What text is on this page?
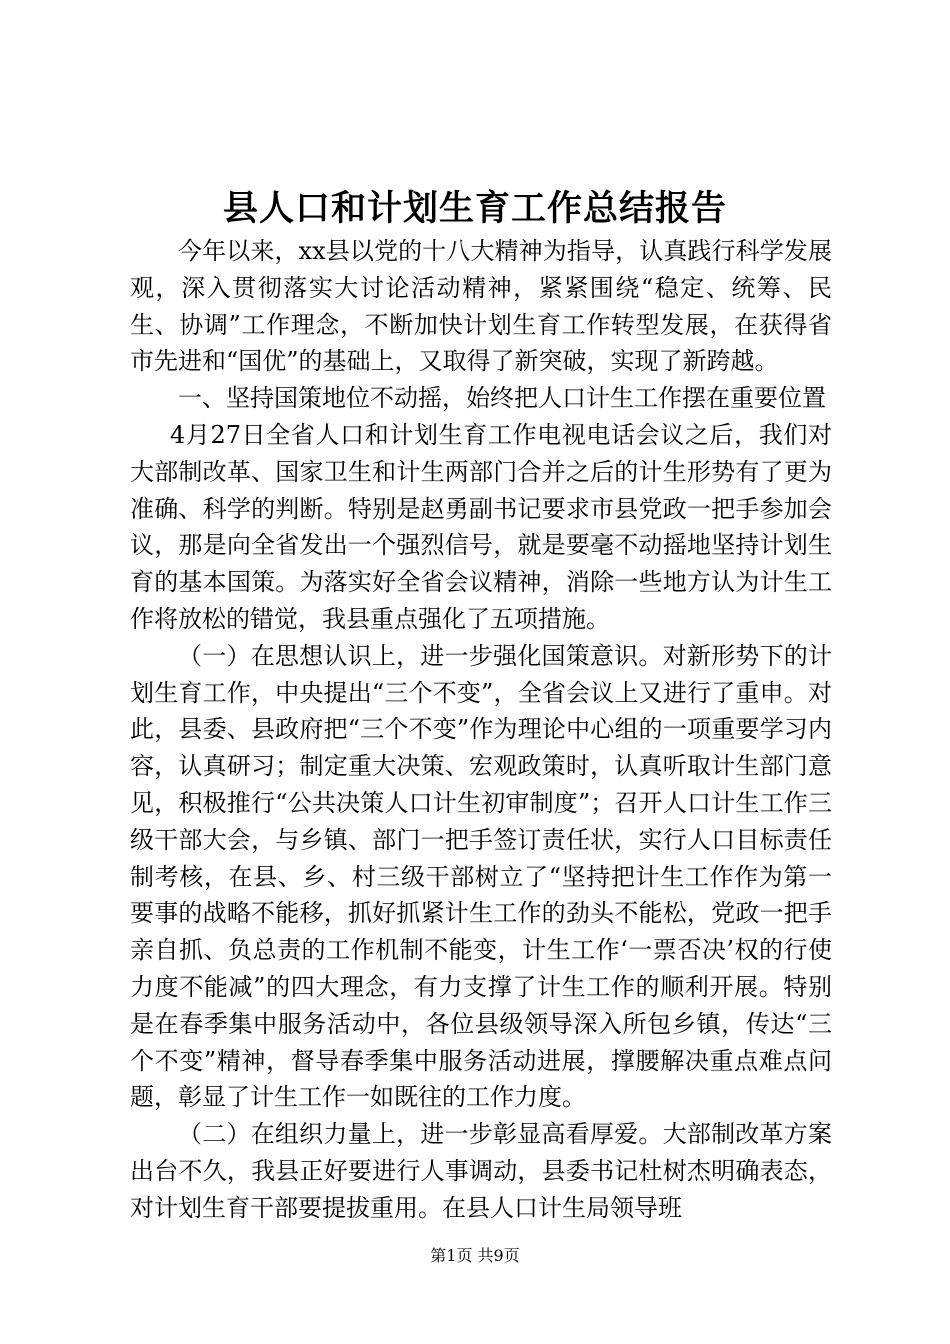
县人口和计划生育工作总结报告

今年以来，xx县以党的十八大精神为指导，认真践行科学发展观，深入贯彻落实大讨论活动精神，紧紧围绕“稳定、统筹、民生、协调”工作理念，不断加快计划生育工作转型发展，在获得省市先进和“国优”的基础上，又取得了新突破，实现了新跨越。

一、坚持国策地位不动摇，始终把人口计生工作摆在重要位置

4月27日全省人口和计划生育工作电视电话会议之后，我们对大部制改革、国家卫生和计生两部门合并之后的计生形势有了更为准确、科学的判断。特别是赵勇副书记要求市县党政一把手参加会议，那是向全省发出一个强烈信号，就是要毫不动摇地坚持计划生育的基本国策。为落实好全省会议精神，消除一些地方认为计生工作将放松的错觉，我县重点强化了五项措施。

（一）在思想认识上，进一步强化国策意识。对新形势下的计划生育工作，中央提出“三个不变”，全省会议上又进行了重申。对此，县委、县政府把“三个不变”作为理论中心组的一项重要学习内容，认真研习；制定重大决策、宏观政策时，认真听取计生部门意见，积极推行“公共决策人口计生初审制度”；召开人口计生工作三级干部大会，与乡镇、部门一把手签订责任状，实行人口目标责任制考核，在县、乡、村三级干部树立了“坚持把计生工作作为第一要事的战略不能移，抓好抓紧计生工作的劲头不能松，党政一把手亲自抓、负总责的工作机制不能变，计生工作‘一票否决’权的行使力度不能减”的四大理念，有力支撑了计生工作的顺利开展。特别是在春季集中服务活动中，各位县级领导深入所包乡镇，传达“三个不变”精神，督导春季集中服务活动进展，撑腰解决重点难点问题，彰显了计生工作一如既往的工作力度。

（二）在组织力量上，进一步彰显高看厚爱。大部制改革方案出台不久，我县正好要进行人事调动，县委书记杜树杰明确表态，对计划生育干部要提拔重用。在县人口计生局领导班

第1页 共9页
